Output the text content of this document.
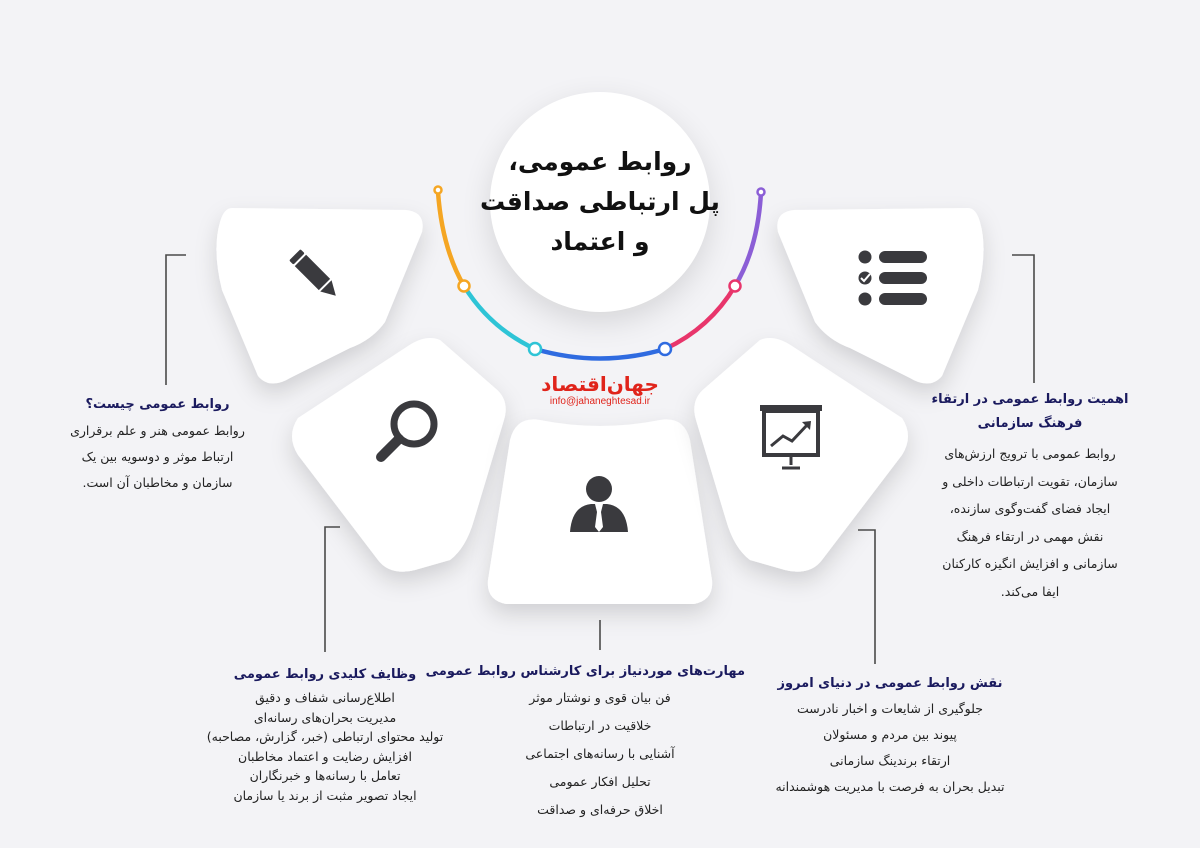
روابط عمومی،
پل ارتباطی صداقت
و اعتماد
جهان‌اقتصاد
info@jahaneghtesad.ir
روابط عمومی چیست؟
روابط عمومی هنر و علم برقراری
ارتباط موثر و دوسویه بین یک
سازمان و مخاطبان آن است.
اهمیت روابط عمومی در ارتقاء
فرهنگ سازمانی
روابط عمومی با ترویج ارزش‌های
سازمان، تقویت ارتباطات داخلی و
ایجاد فضای گفت‌وگوی سازنده،
نقش مهمی در ارتقاء فرهنگ
سازمانی و افزایش انگیزه کارکنان
ایفا می‌کند.
وظایف کلیدی روابط عمومی
اطلاع‌رسانی شفاف و دقیق
مدیریت بحران‌های رسانه‌ای
تولید محتوای ارتباطی (خبر، گزارش، مصاحبه)
افزایش رضایت و اعتماد مخاطبان
تعامل با رسانه‌ها و خبرنگاران
ایجاد تصویر مثبت از برند یا سازمان
مهارت‌های موردنیاز برای کارشناس روابط عمومی
فن بیان قوی و نوشتار موثر
خلاقیت در ارتباطات
آشنایی با رسانه‌های اجتماعی
تحلیل افکار عمومی
اخلاق حرفه‌ای و صداقت
نقش روابط عمومی در دنیای امروز
جلوگیری از شایعات و اخبار نادرست
پیوند بین مردم و مسئولان
ارتقاء برندینگ سازمانی
تبدیل بحران به فرصت با مدیریت هوشمندانه
